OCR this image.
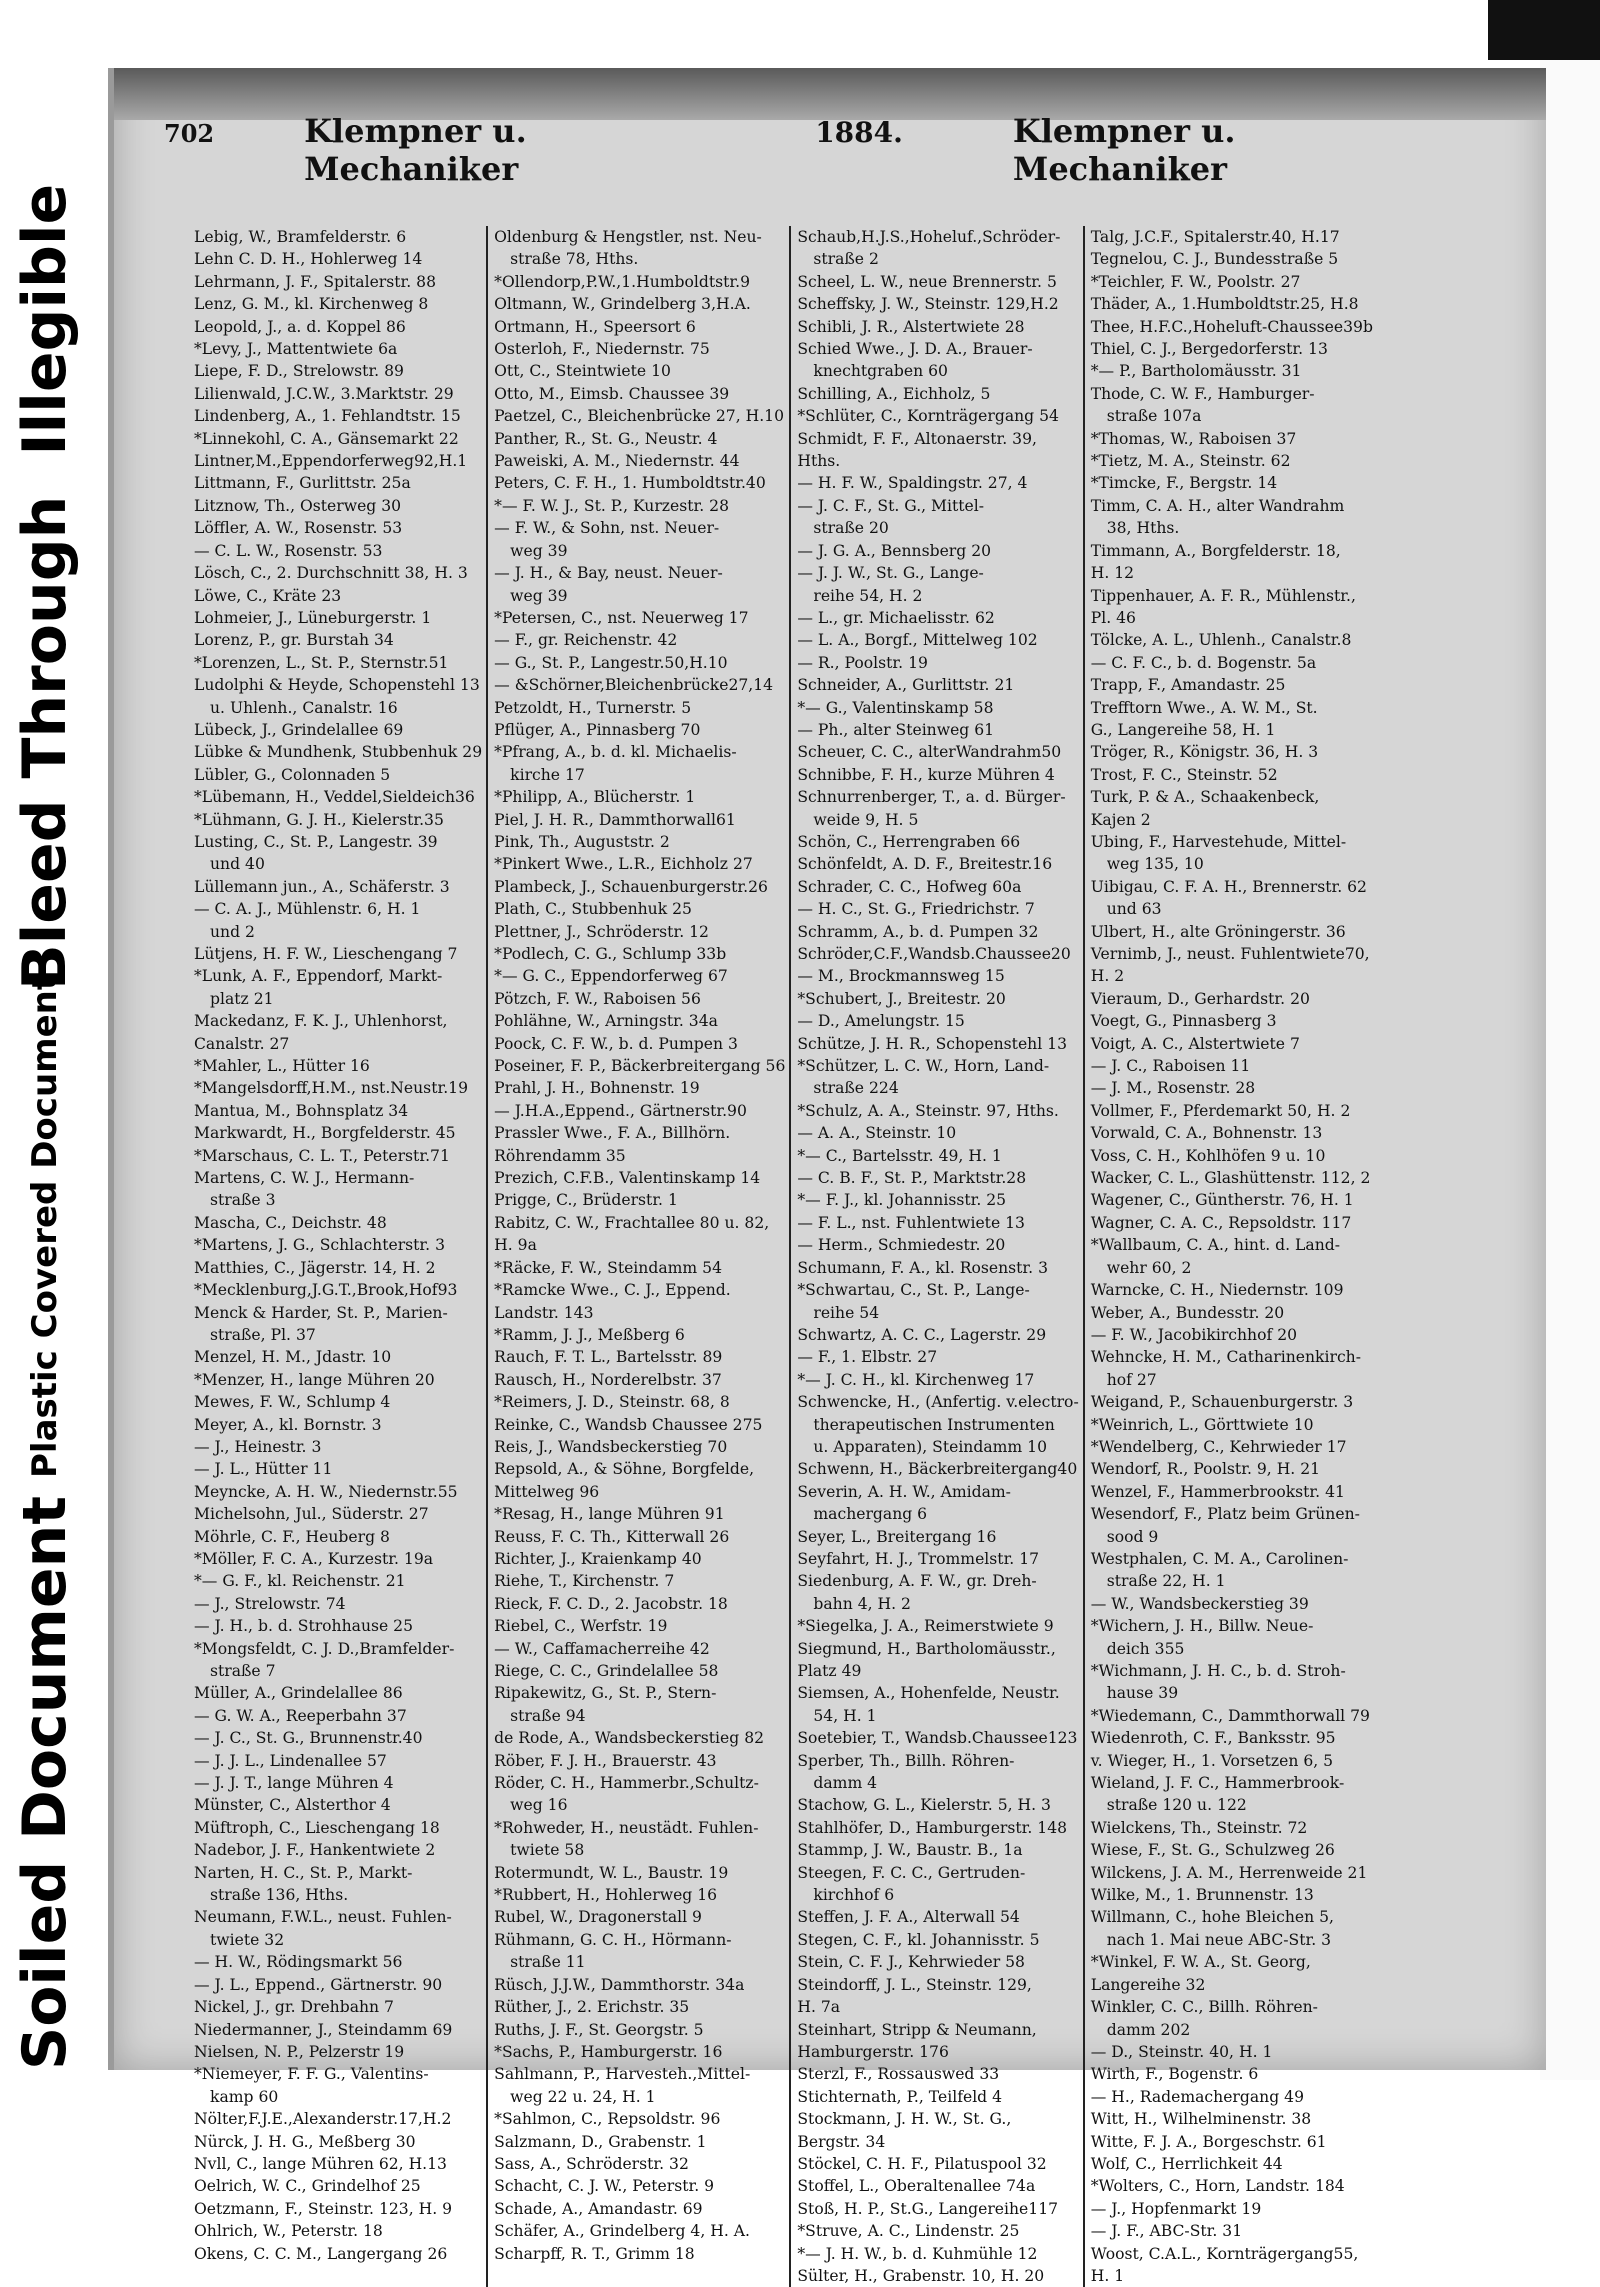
702	Klempner u. Mechaniker
1884.	Klempner u. Mechaniker
Lebig, W., Bramfelderstr. 6
Lehn C. D. H., Hohlerweg 14
Lehrmann, J. F., Spitalerstr. 88
Lenz, G. M., kl. Kirchenweg 8
Leopold, J., a. d. Koppel 86
*Levy, J., Mattentwiete 6a
Liepe, F. D., Strelowstr. 89
Lilienwald, J.C.W., 3.Marktstr. 29
Lindenberg, A., 1. Fehlandtstr. 15
*Linnekohl, C. A., Gänsemarkt 22
Lintner,M.,Eppendorferweg92,H.1
Littmann, F., Gurlittstr. 25a
Litznow, Th., Osterweg 30
Löffler, A. W., Rosenstr. 53
— C. L. W., Rosenstr. 53
Lösch, C., 2. Durchschnitt 38, H. 3
Löwe, C., Kräte 23
Lohmeier, J., Lüneburgerstr. 1
Lorenz, P., gr. Burstah 34
*Lorenzen, L., St. P., Sternstr.51
Ludolphi & Heyde, Schopenstehl 13
u. Uhlenh., Canalstr. 16
Lübeck, J., Grindelallee 69
Lübke & Mundhenk, Stubbenhuk 29
Lübler, G., Colonnaden 5
*Lübemann, H., Veddel,Sieldeich36
*Lühmann, G. J. H., Kielerstr.35
Lusting, C., St. P., Langestr. 39
und 40
Lüllemann jun., A., Schäferstr. 3
— C. A. J., Mühlenstr. 6, H. 1
und 2
Lütjens, H. F. W., Lieschengang 7
*Lunk, A. F., Eppendorf, Markt-
platz 21
Mackedanz, F. K. J., Uhlenhorst,
Canalstr. 27
*Mahler, L., Hütter 16
*Mangelsdorff,H.M., nst.Neustr.19
Mantua, M., Bohnsplatz 34
Markwardt, H., Borgfelderstr. 45
*Marschaus, C. L. T., Peterstr.71
Martens, C. W. J., Hermann-
straße 3
Mascha, C., Deichstr. 48
*Martens, J. G., Schlachterstr. 3
Matthies, C., Jägerstr. 14, H. 2
*Mecklenburg,J.G.T.,Brook,Hof93
Menck & Harder, St. P., Marien-
straße, Pl. 37
Menzel, H. M., Jdastr. 10
*Menzer, H., lange Mühren 20
Mewes, F. W., Schlump 4
Meyer, A., kl. Bornstr. 3
— J., Heinestr. 3
— J. L., Hütter 11
Meyncke, A. H. W., Niedernstr.55
Michelsohn, Jul., Süderstr. 27
Möhrle, C. F., Heuberg 8
*Möller, F. C. A., Kurzestr. 19a
*— G. F., kl. Reichenstr. 21
— J., Strelowstr. 74
— J. H., b. d. Strohhause 25
*Mongsfeldt, C. J. D.,Bramfelder-
straße 7
Müller, A., Grindelallee 86
— G. W. A., Reeperbahn 37
— J. C., St. G., Brunnenstr.40
— J. J. L., Lindenallee 57
— J. J. T., lange Mühren 4
Münster, C., Alsterthor 4
Müftroph, C., Lieschengang 18
Nadebor, J. F., Hankentwiete 2
Narten, H. C., St. P., Markt-
straße 136, Hths.
Neumann, F.W.L., neust. Fuhlen-
twiete 32
— H. W., Rödingsmarkt 56
— J. L., Eppend., Gärtnerstr. 90
Nickel, J., gr. Drehbahn 7
Niedermanner, J., Steindamm 69
Nielsen, N. P., Pelzerstr 19
*Niemeyer, F. F. G., Valentins-
kamp 60
Nölter,F.J.E.,Alexanderstr.17,H.2
Nürck, J. H. G., Meßberg 30
Nvll, C., lange Mühren 62, H.13
Oelrich, W. C., Grindelhof 25
Oetzmann, F., Steinstr. 123, H. 9
Ohlrich, W., Peterstr. 18
Okens, C. C. M., Langergang 26
Oldenburg & Hengstler, nst. Neu-
straße 78, Hths.
*Ollendorp,P.W.,1.Humboldtstr.9
Oltmann, W., Grindelberg 3,H.A.
Ortmann, H., Speersort 6
Osterloh, F., Niedernstr. 75
Ott, C., Steintwiete 10
Otto, M., Eimsb. Chaussee 39
Paetzel, C., Bleichenbrücke 27, H.10
Panther, R., St. G., Neustr. 4
Paweiski, A. M., Niedernstr. 44
Peters, C. F. H., 1. Humboldtstr.40
*— F. W. J., St. P., Kurzestr. 28
— F. W., & Sohn, nst. Neuer-
weg 39
— J. H., & Bay, neust. Neuer-
weg 39
*Petersen, C., nst. Neuerweg 17
— F., gr. Reichenstr. 42
— G., St. P., Langestr.50,H.10
— &Schörner,Bleichenbrücke27,14
Petzoldt, H., Turnerstr. 5
Pflüger, A., Pinnasberg 70
*Pfrang, A., b. d. kl. Michaelis-
kirche 17
*Philipp, A., Blücherstr. 1
Piel, J. H. R., Dammthorwall61
Pink, Th., Auguststr. 2
*Pinkert Wwe., L.R., Eichholz 27
Plambeck, J., Schauenburgerstr.26
Plath, C., Stubbenhuk 25
Plettner, J., Schröderstr. 12
*Podlech, C. G., Schlump 33b
*— G. C., Eppendorferweg 67
Pötzch, F. W., Raboisen 56
Pohlähne, W., Arningstr. 34a
Poock, C. F. W., b. d. Pumpen 3
Poseiner, F. P., Bäckerbreitergang 56
Prahl, J. H., Bohnenstr. 19
— J.H.A.,Eppend., Gärtnerstr.90
Prassler Wwe., F. A., Billhörn.
Röhrendamm 35
Prezich, C.F.B., Valentinskamp 14
Prigge, C., Brüderstr. 1
Rabitz, C. W., Frachtallee 80 u. 82,
H. 9a
*Räcke, F. W., Steindamm 54
*Ramcke Wwe., C. J., Eppend.
Landstr. 143
*Ramm, J. J., Meßberg 6
Rauch, F. T. L., Bartelsstr. 89
Rausch, H., Norderelbstr. 37
*Reimers, J. D., Steinstr. 68, 8
Reinke, C., Wandsb Chaussee 275
Reis, J., Wandsbeckerstieg 70
Repsold, A., & Söhne, Borgfelde,
Mittelweg 96
*Resag, H., lange Mühren 91
Reuss, F. C. Th., Kitterwall 26
Richter, J., Kraienkamp 40
Riehe, T., Kirchenstr. 7
Rieck, F. C. D., 2. Jacobstr. 18
Riebel, C., Werfstr. 19
— W., Caffamacherreihe 42
Riege, C. C., Grindelallee 58
Ripakewitz, G., St. P., Stern-
straße 94
de Rode, A., Wandsbeckerstieg 82
Röber, F. J. H., Brauerstr. 43
Röder, C. H., Hammerbr.,Schultz-
weg 16
*Rohweder, H., neustädt. Fuhlen-
twiete 58
Rotermundt, W. L., Baustr. 19
*Rubbert, H., Hohlerweg 16
Rubel, W., Dragonerstall 9
Rühmann, G. C. H., Hörmann-
straße 11
Rüsch, J.J.W., Dammthorstr. 34a
Rüther, J., 2. Erichstr. 35
Ruths, J. F., St. Georgstr. 5
*Sachs, P., Hamburgerstr. 16
Sahlmann, P., Harvesteh.,Mittel-
weg 22 u. 24, H. 1
*Sahlmon, C., Repsoldstr. 96
Salzmann, D., Grabenstr. 1
Sass, A., Schröderstr. 32
Schacht, C. J. W., Peterstr. 9
Schade, A., Amandastr. 69
Schäfer, A., Grindelberg 4, H. A.
Scharpff, R. T., Grimm 18
Schaub,H.J.S.,Hoheluf.,Schröder-
straße 2
Scheel, L. W., neue Brennerstr. 5
Scheffsky, J. W., Steinstr. 129,H.2
Schibli, J. R., Alstertwiete 28
Schied Wwe., J. D. A., Brauer-
knechtgraben 60
Schilling, A., Eichholz, 5
*Schlüter, C., Kornträgergang 54
Schmidt, F. F., Altonaerstr. 39,
Hths.
— H. F. W., Spaldingstr. 27, 4
— J. C. F., St. G., Mittel-
straße 20
— J. G. A., Bennsberg 20
— J. J. W., St. G., Lange-
reihe 54, H. 2
— L., gr. Michaelisstr. 62
— L. A., Borgf., Mittelweg 102
— R., Poolstr. 19
Schneider, A., Gurlittstr. 21
*— G., Valentinskamp 58
— Ph., alter Steinweg 61
Scheuer, C. C., alterWandrahm50
Schnibbe, F. H., kurze Mühren 4
Schnurrenberger, T., a. d. Bürger-
weide 9, H. 5
Schön, C., Herrengraben 66
Schönfeldt, A. D. F., Breitestr.16
Schrader, C. C., Hofweg 60a
— H. C., St. G., Friedrichstr. 7
Schramm, A., b. d. Pumpen 32
Schröder,C.F.,Wandsb.Chaussee20
— M., Brockmannsweg 15
*Schubert, J., Breitestr. 20
— D., Amelungstr. 15
Schütze, J. H. R., Schopenstehl 13
*Schützer, L. C. W., Horn, Land-
straße 224
*Schulz, A. A., Steinstr. 97, Hths.
— A. A., Steinstr. 10
*— C., Bartelsstr. 49, H. 1
— C. B. F., St. P., Marktstr.28
*— F. J., kl. Johannisstr. 25
— F. L., nst. Fuhlentwiete 13
— Herm., Schmiedestr. 20
Schumann, F. A., kl. Rosenstr. 3
*Schwartau, C., St. P., Lange-
reihe 54
Schwartz, A. C. C., Lagerstr. 29
— F., 1. Elbstr. 27
*— J. C. H., kl. Kirchenweg 17
Schwencke, H., (Anfertig. v.electro-
therapeutischen Instrumenten
u. Apparaten), Steindamm 10
Schwenn, H., Bäckerbreitergang40
Severin, A. H. W., Amidam-
machergang 6
Seyer, L., Breitergang 16
Seyfahrt, H. J., Trommelstr. 17
Siedenburg, A. F. W., gr. Dreh-
bahn 4, H. 2
*Siegelka, J. A., Reimerstwiete 9
Siegmund, H., Bartholomäusstr.,
Platz 49
Siemsen, A., Hohenfelde, Neustr.
54, H. 1
Soetebier, T., Wandsb.Chaussee123
Sperber, Th., Billh. Röhren-
damm 4
Stachow, G. L., Kielerstr. 5, H. 3
Stahlhöfer, D., Hamburgerstr. 148
Stammp, J. W., Baustr. B., 1a
Steegen, F. C. C., Gertruden-
kirchhof 6
Steffen, J. F. A., Alterwall 54
Stegen, C. F., kl. Johannisstr. 5
Stein, C. F. J., Kehrwieder 58
Steindorff, J. L., Steinstr. 129,
H. 7a
Steinhart, Stripp & Neumann,
Hamburgerstr. 176
Sterzl, F., Rossauswed 33
Stichternath, P., Teilfeld 4
Stockmann, J. H. W., St. G.,
Bergstr. 34
Stöckel, C. H. F., Pilatuspool 32
Stoffel, L., Oberaltenallee 74a
Stoß, H. P., St.G., Langereihe117
*Struve, A. C., Lindenstr. 25
*— J. H. W., b. d. Kuhmühle 12
Sülter, H., Grabenstr. 10, H. 20
Talg, J.C.F., Spitalerstr.40, H.17
Tegnelou, C. J., Bundesstraße 5
*Teichler, F. W., Poolstr. 27
Thäder, A., 1.Humboldtstr.25, H.8
Thee, H.F.C.,Hoheluft-Chaussee39b
Thiel, C. J., Bergedorferstr. 13
*— P., Bartholomäusstr. 31
Thode, C. W. F., Hamburger-
straße 107a
*Thomas, W., Raboisen 37
*Tietz, M. A., Steinstr. 62
*Timcke, F., Bergstr. 14
Timm, C. A. H., alter Wandrahm
38, Hths.
Timmann, A., Borgfelderstr. 18,
H. 12
Tippenhauer, A. F. R., Mühlenstr.,
Pl. 46
Tölcke, A. L., Uhlenh., Canalstr.8
— C. F. C., b. d. Bogenstr. 5a
Trapp, F., Amandastr. 25
Trefftorn Wwe., A. W. M., St.
G., Langereihe 58, H. 1
Tröger, R., Königstr. 36, H. 3
Trost, F. C., Steinstr. 52
Turk, P. & A., Schaakenbeck,
Kajen 2
Ubing, F., Harvestehude, Mittel-
weg 135, 10
Uibigau, C. F. A. H., Brennerstr. 62
und 63
Ulbert, H., alte Gröningerstr. 36
Vernimb, J., neust. Fuhlentwiete70,
H. 2
Vieraum, D., Gerhardstr. 20
Voegt, G., Pinnasberg 3
Voigt, A. C., Alstertwiete 7
— J. C., Raboisen 11
— J. M., Rosenstr. 28
Vollmer, F., Pferdemarkt 50, H. 2
Vorwald, C. A., Bohnenstr. 13
Voss, C. H., Kohlhöfen 9 u. 10
Wacker, C. L., Glashüttenstr. 112, 2
Wagener, C., Güntherstr. 76, H. 1
Wagner, C. A. C., Repsoldstr. 117
*Wallbaum, C. A., hint. d. Land-
wehr 60, 2
Warncke, C. H., Niedernstr. 109
Weber, A., Bundesstr. 20
— F. W., Jacobikirchhof 20
Wehncke, H. M., Catharinenkirch-
hof 27
Weigand, P., Schauenburgerstr. 3
*Weinrich, L., Görttwiete 10
*Wendelberg, C., Kehrwieder 17
Wendorf, R., Poolstr. 9, H. 21
Wenzel, F., Hammerbrookstr. 41
Wesendorf, F., Platz beim Grünen-
sood 9
Westphalen, C. M. A., Carolinen-
straße 22, H. 1
— W., Wandsbeckerstieg 39
*Wichern, J. H., Billw. Neue-
deich 355
*Wichmann, J. H. C., b. d. Stroh-
hause 39
*Wiedemann, C., Dammthorwall 79
Wiedenroth, C. F., Banksstr. 95
v. Wieger, H., 1. Vorsetzen 6, 5
Wieland, J. F. C., Hammerbrook-
straße 120 u. 122
Wielckens, Th., Steinstr. 72
Wiese, F., St. G., Schulzweg 26
Wilckens, J. A. M., Herrenweide 21
Wilke, M., 1. Brunnenstr. 13
Willmann, C., hohe Bleichen 5,
nach 1. Mai neue ABC-Str. 3
*Winkel, F. W. A., St. Georg,
Langereihe 32
Winkler, C. C., Billh. Röhren-
damm 202
— D., Steinstr. 40, H. 1
Wirth, F., Bogenstr. 6
— H., Rademachergang 49
Witt, H., Wilhelminenstr. 38
Witte, F. J. A., Borgeschstr. 61
Wolf, C., Herrlichkeit 44
*Wolters, C., Horn, Landstr. 184
— J., Hopfenmarkt 19
— J. F., ABC-Str. 31
Woost, C.A.L., Kornträgergang55,
H. 1
Soiled Document
Plastic Covered Document
Bleed Through
Illegible
